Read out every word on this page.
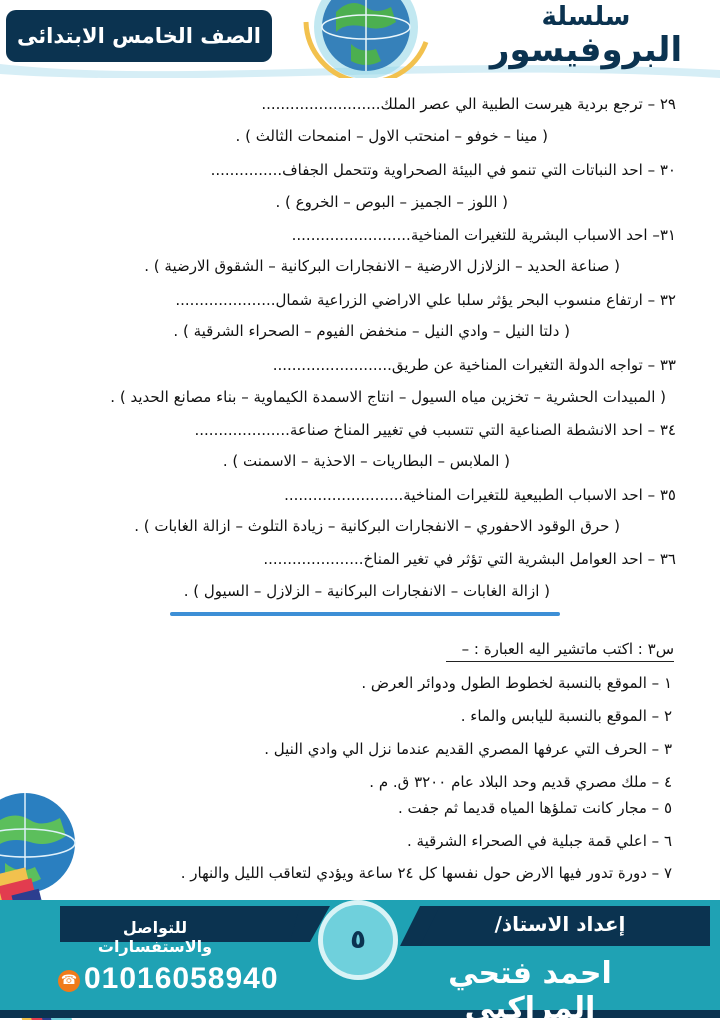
الصف الخامس الابتدائى
سلسلة
البروفيسور
٢٩ – ترجع بردية هيرست الطبية الي عصر الملك.........................
( مينا – خوفو – امنحتب الاول – امنمحات الثالث ) .
٣٠ – احد النباتات التي تنمو في البيئة الصحراوية وتتحمل الجفاف...............
( اللوز – الجميز – البوص – الخروع ) .
٣١– احد الاسباب البشرية للتغيرات المناخية.........................
( صناعة الحديد – الزلازل الارضية – الانفجارات البركانية – الشقوق الارضية ) .
٣٢ – ارتفاع منسوب البحر يؤثر سلبا علي الاراضي الزراعية شمال.....................
( دلتا النيل – وادي النيل – منخفض الفيوم – الصحراء الشرقية ) .
٣٣ – تواجه الدولة التغيرات المناخية عن طريق.........................
( المبيدات الحشرية – تخزين مياه السيول – انتاج الاسمدة الكيماوية – بناء مصانع الحديد ) .
٣٤ – احد الانشطة الصناعية التي تتسبب في تغيير المناخ صناعة....................
( الملابس – البطاريات – الاحذية – الاسمنت ) .
٣٥ – احد الاسباب الطبيعية للتغيرات المناخية.........................
( حرق الوقود الاحفوري – الانفجارات البركانية – زيادة التلوث – ازالة الغابات ) .
٣٦ – احد العوامل البشرية التي تؤثر في تغير المناخ.....................
( ازالة الغابات – الانفجارات البركانية – الزلازل – السيول ) .
س٣ : اكتب ماتشير اليه العبارة : –
١ – الموقع بالنسبة لخطوط الطول ودوائر العرض .
٢ – الموقع بالنسبة لليابس والماء .
٣ – الحرف التي عرفها المصري القديم عندما نزل الي وادي النيل .
٤ – ملك مصري قديم وحد البلاد عام ٣٢٠٠ ق. م .
٥ – مجار كانت تملؤها المياه قديما ثم جفت .
٦ – اعلي قمة جبلية في الصحراء الشرقية .
٧ – دورة تدور فيها الارض حول نفسها كل ٢٤ ساعة ويؤدي لتعاقب الليل والنهار .
للتواصل والاستفسارات
إعداد الاستاذ/
٥
☎ 01016058940	احمد فتحي المراكبي
